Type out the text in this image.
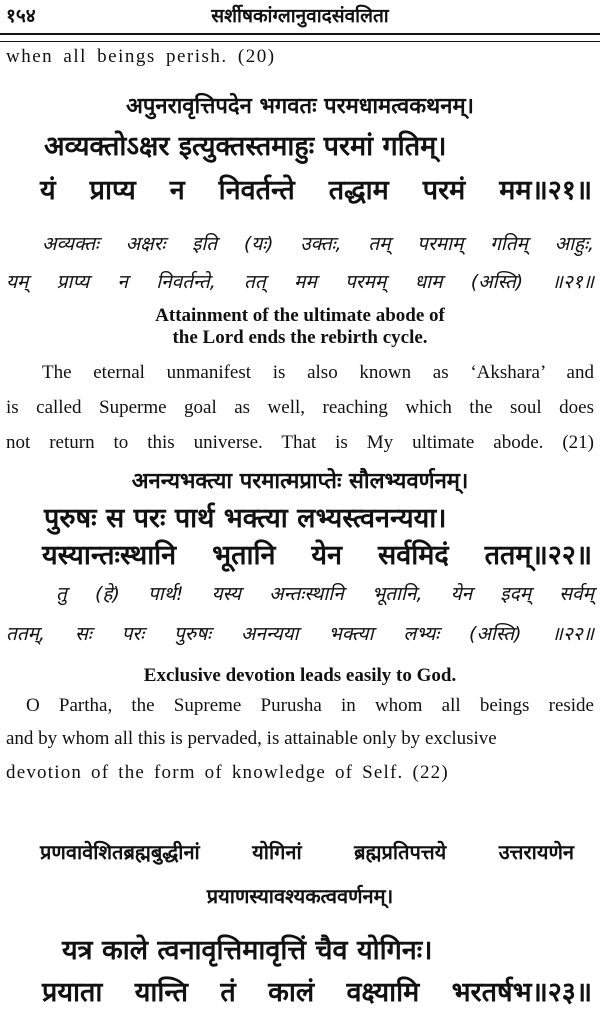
१५४	सर्शीषकांग्लानुवादसंवलिता
when all beings perish. (20)
अपुनरावृत्तिपदेन भगवतः परमधामत्वकथनम्।
अव्यक्तोऽक्षर इत्युक्तस्तमाहुः परमां गतिम्।
यं प्राप्य न निवर्तन्ते तद्धाम परमं मम॥२१॥
अव्यक्तः अक्षरः इति (यः) उक्तः, तम् परमाम् गतिम् आहुः,
यम् प्राप्य न निवर्तन्ते, तत् मम परमम् धाम (अस्ति) ॥२१॥
Attainment of the ultimate abode of
the Lord ends the rebirth cycle.
The eternal unmanifest is also known as ‘Akshara’ and
is called Superme goal as well, reaching which the soul does
not return to this universe. That is My ultimate abode. (21)
अनन्यभक्त्या परमात्मप्राप्तेः सौलभ्यवर्णनम्।
पुरुषः स परः पार्थ भक्त्या लभ्यस्त्वनन्यया।
यस्यान्तःस्थानि भूतानि येन सर्वमिदं ततम्॥२२॥
तु (हे) पार्थ! यस्य अन्तःस्थानि भूतानि, येन इदम् सर्वम्
ततम्, सः परः पुरुषः अनन्यया भक्त्या लभ्यः (अस्ति) ॥२२॥
Exclusive devotion leads easily to God.
O Partha, the Supreme Purusha in whom all beings reside
and by whom all this is pervaded, is attainable only by exclusive
devotion of the form of knowledge of Self. (22)
प्रणवावेशितब्रह्मबुद्धीनां योगिनां ब्रह्मप्रतिपत्तये उत्तरायणेन
प्रयाणस्यावश्यकत्ववर्णनम्।
यत्र काले त्वनावृत्तिमावृत्तिं चैव योगिनः।
प्रयाता यान्ति तं कालं वक्ष्यामि भरतर्षभ॥२३॥
